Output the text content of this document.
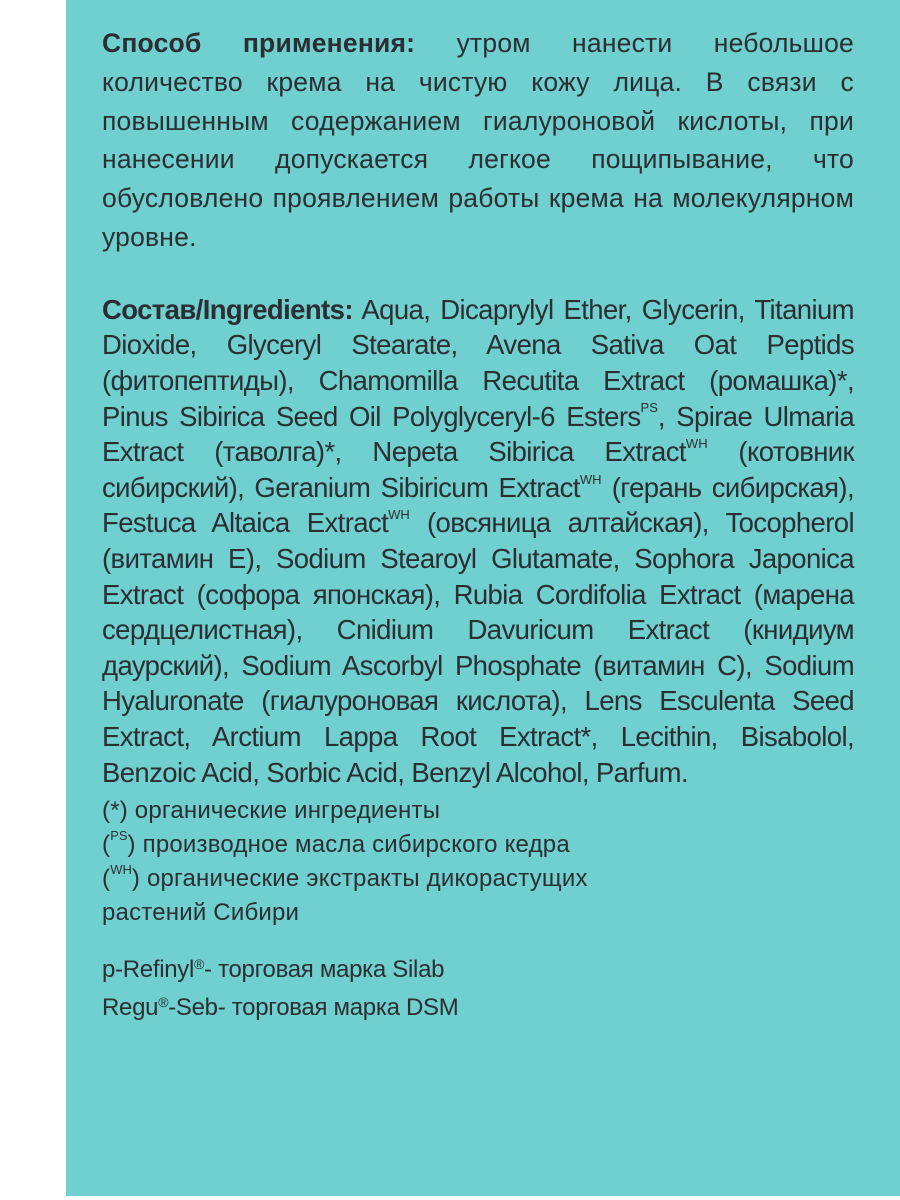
Способ применения: утром нанести небольшое количество крема на чистую кожу лица. В связи с повышенным содержанием гиалуроновой кислоты, при нанесении допускается легкое пощипывание, что обусловлено проявлением работы крема на молекулярном уровне.

Состав/Ingredients: Aqua, Dicaprylyl Ether, Glycerin, Titanium Dioxide, Glyceryl Stearate, Avena Sativa Oat Peptids (фитопептиды), Chamomilla Recutita Extract (ромашка)*, Pinus Sibirica Seed Oil Polyglyceryl-6 Esters$^{PS}$, Spirae Ulmaria Extract (таволга)*, Nepeta Sibirica Extract$^{WH}$ (котовник сибирский), Geranium Sibiricum Extract$^{WH}$ (герань сибирская), Festuca Altaica Extract$^{WH}$ (овсяница алтайская), Tocopherol (витамин E), Sodium Stearoyl Glutamate, Sophora Japonica Extract (софора японская), Rubia Cordifolia Extract (марена сердцелистная), Cnidium Davuricum Extract (книдиум даурский), Sodium Ascorbyl Phosphate (витамин C), Sodium Hyaluronate (гиалуроновая кислота), Lens Esculenta Seed Extract, Arctium Lappa Root Extract*, Lecithin, Bisabolol, Benzoic Acid, Sorbic Acid, Benzyl Alcohol, Parfum.

(*) органические ингредиенты
($^{PS}$) производное масла сибирского кедра
($^{WH}$) органические экстракты дикорастущих
растений Сибири
p-Refinyl®- торговая марка Silab
Regu®-Seb- торговая марка DSM
